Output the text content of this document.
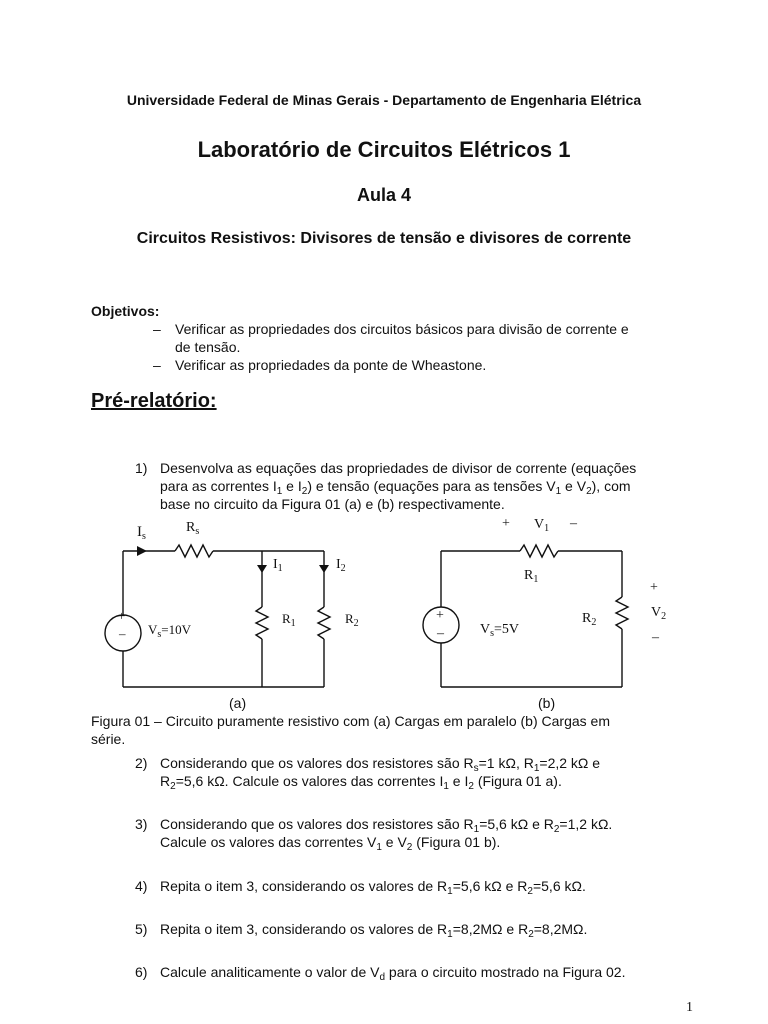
Universidade Federal de Minas Gerais - Departamento de Engenharia Elétrica
Laboratório de Circuitos Elétricos 1
Aula 4
Circuitos Resistivos: Divisores de tensão e divisores de corrente
Objetivos:
– Verificar as propriedades dos circuitos básicos para divisão de corrente e
de tensão.
– Verificar as propriedades da ponte de Wheastone.
Pré-relatório:
1) Desenvolva as equações das propriedades de divisor de corrente (equações
para as correntes $I_1$ e $I_2$) e tensão (equações para as tensões $V_1$ e $V_2$), com
base no circuito da Figura 01 (a) e (b) respectivamente.
$I_s$
$R_s$
$I_1$	$I_2$
$R_1$	$R_2$
+
– $V_s=10V$
(a)
+ $V_1$ –
$R_1$
$R_2$
+
$V_2$
–
+
–	$V_s=5V$
(b)
Figura 01 – Circuito puramente resistivo com (a) Cargas em paralelo (b) Cargas em
série.
2) Considerando que os valores dos resistores são $R_s=1$ kΩ, $R_1=2,2$ kΩ e
$R_2=5,6$ kΩ. Calcule os valores das correntes $I_1$ e $I_2$ (Figura 01 a).
3) Considerando que os valores dos resistores são $R_1=5,6$ kΩ e $R_2=1,2$ kΩ.
Calcule os valores das correntes $V_1$ e $V_2$ (Figura 01 b).
4) Repita o item 3, considerando os valores de $R_1=5,6$ kΩ e $R_2=5,6$ kΩ.
5) Repita o item 3, considerando os valores de $R_1=8,2M\Omega$ e $R_2=8,2M\Omega$.
6) Calcule analiticamente o valor de $V_d$ para o circuito mostrado na Figura 02.
1
